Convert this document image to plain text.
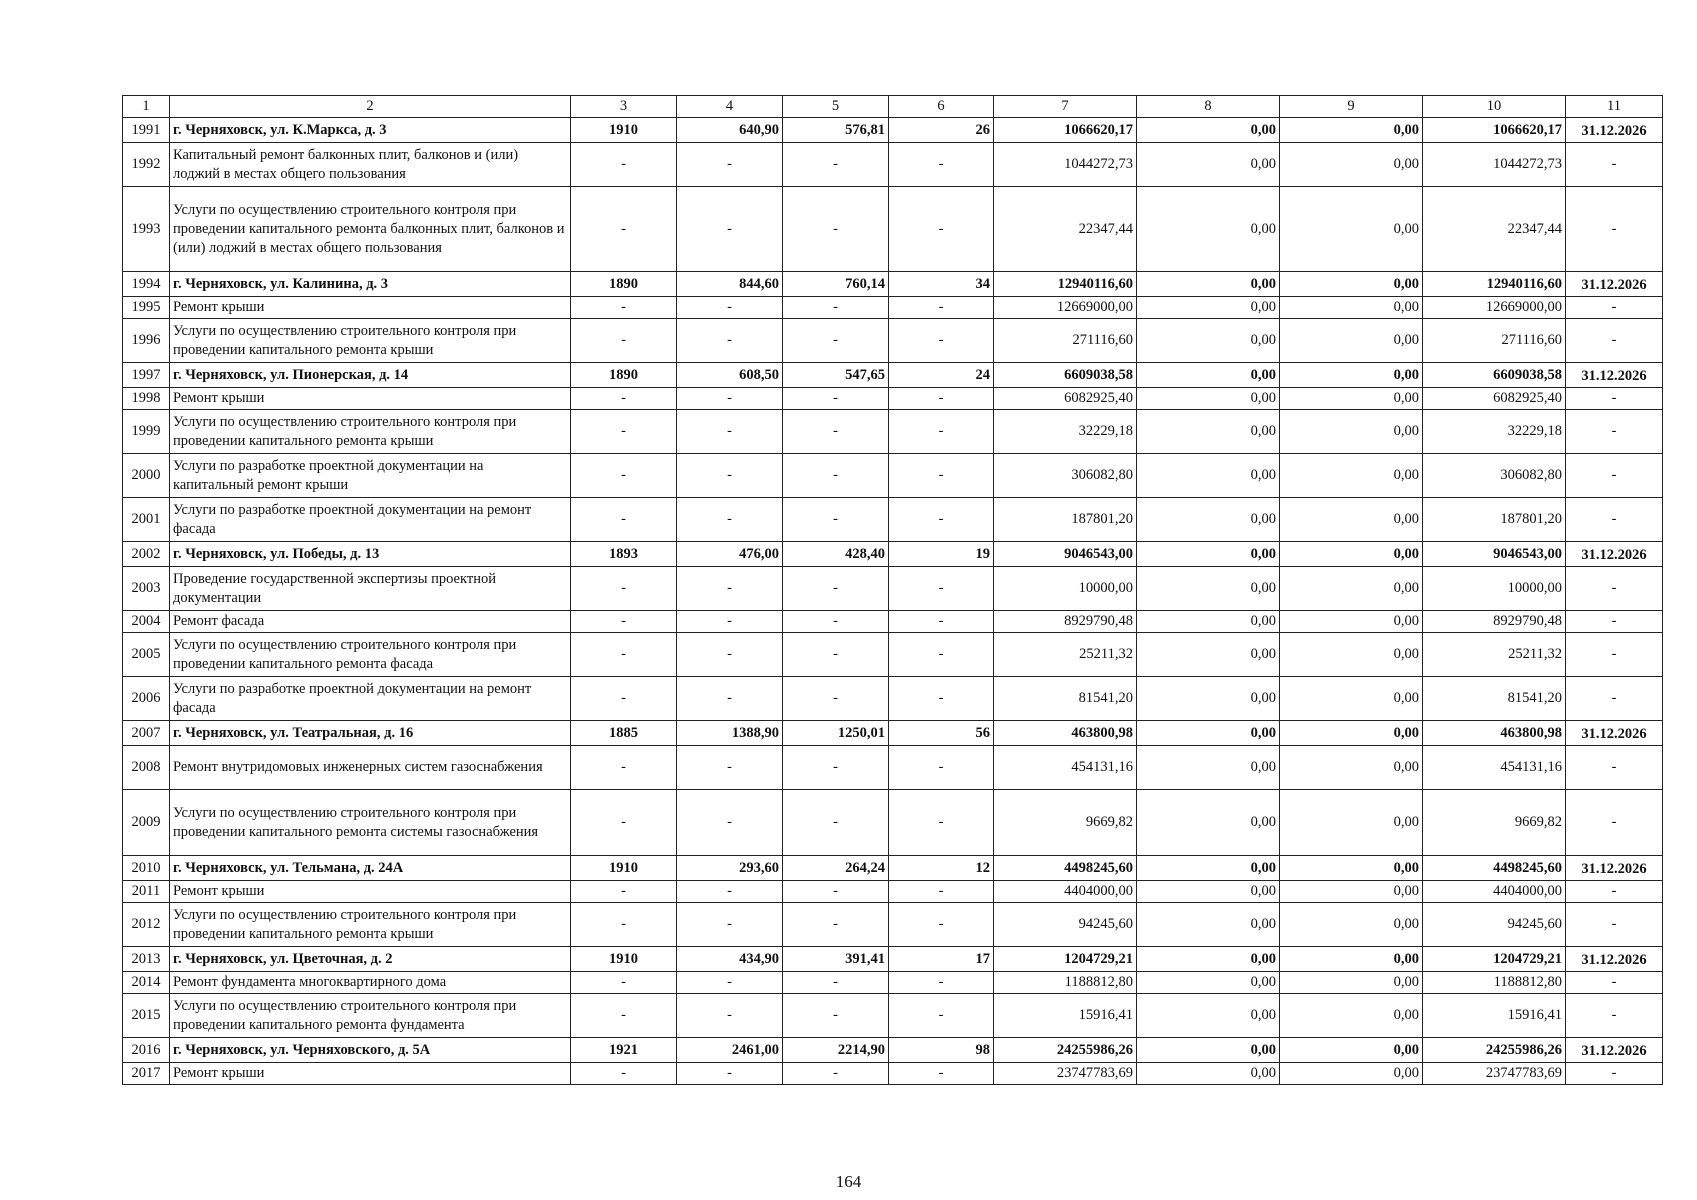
1	2	3	4	5	6	7	8	9	10	11
1991	г. Черняховск, ул. К.Маркса, д. 3	1910	640,90	576,81	26	1066620,17	0,00	0,00	1066620,17	31.12.2026
1992	Капитальный ремонт балконных плит, балконов и (или) лоджий в местах общего пользования	-	-	-	-	1044272,73	0,00	0,00	1044272,73	-
1993	Услуги по осуществлению строительного контроля при проведении капитального ремонта балконных плит, балконов и (или) лоджий в местах общего пользования	-	-	-	-	22347,44	0,00	0,00	22347,44	-
1994	г. Черняховск, ул. Калинина, д. 3	1890	844,60	760,14	34	12940116,60	0,00	0,00	12940116,60	31.12.2026
1995	Ремонт крыши	-	-	-	-	12669000,00	0,00	0,00	12669000,00	-
1996	Услуги по осуществлению строительного контроля при проведении капитального ремонта крыши	-	-	-	-	271116,60	0,00	0,00	271116,60	-
1997	г. Черняховск, ул. Пионерская, д. 14	1890	608,50	547,65	24	6609038,58	0,00	0,00	6609038,58	31.12.2026
1998	Ремонт крыши	-	-	-	-	6082925,40	0,00	0,00	6082925,40	-
1999	Услуги по осуществлению строительного контроля при проведении капитального ремонта крыши	-	-	-	-	32229,18	0,00	0,00	32229,18	-
2000	Услуги по разработке проектной документации на капитальный ремонт крыши	-	-	-	-	306082,80	0,00	0,00	306082,80	-
2001	Услуги по разработке проектной документации на ремонт фасада	-	-	-	-	187801,20	0,00	0,00	187801,20	-
2002	г. Черняховск, ул. Победы, д. 13	1893	476,00	428,40	19	9046543,00	0,00	0,00	9046543,00	31.12.2026
2003	Проведение государственной экспертизы проектной документации	-	-	-	-	10000,00	0,00	0,00	10000,00	-
2004	Ремонт фасада	-	-	-	-	8929790,48	0,00	0,00	8929790,48	-
2005	Услуги по осуществлению строительного контроля при проведении капитального ремонта фасада	-	-	-	-	25211,32	0,00	0,00	25211,32	-
2006	Услуги по разработке проектной документации на ремонт фасада	-	-	-	-	81541,20	0,00	0,00	81541,20	-
2007	г. Черняховск, ул. Театральная, д. 16	1885	1388,90	1250,01	56	463800,98	0,00	0,00	463800,98	31.12.2026
2008	Ремонт внутридомовых инженерных систем газоснабжения	-	-	-	-	454131,16	0,00	0,00	454131,16	-
2009	Услуги по осуществлению строительного контроля при проведении капитального ремонта системы газоснабжения	-	-	-	-	9669,82	0,00	0,00	9669,82	-
2010	г. Черняховск, ул. Тельмана, д. 24А	1910	293,60	264,24	12	4498245,60	0,00	0,00	4498245,60	31.12.2026
2011	Ремонт крыши	-	-	-	-	4404000,00	0,00	0,00	4404000,00	-
2012	Услуги по осуществлению строительного контроля при проведении капитального ремонта крыши	-	-	-	-	94245,60	0,00	0,00	94245,60	-
2013	г. Черняховск, ул. Цветочная, д. 2	1910	434,90	391,41	17	1204729,21	0,00	0,00	1204729,21	31.12.2026
2014	Ремонт фундамента многоквартирного дома	-	-	-	-	1188812,80	0,00	0,00	1188812,80	-
2015	Услуги по осуществлению строительного контроля при проведении капитального ремонта фундамента	-	-	-	-	15916,41	0,00	0,00	15916,41	-
2016	г. Черняховск, ул. Черняховского, д. 5А	1921	2461,00	2214,90	98	24255986,26	0,00	0,00	24255986,26	31.12.2026
2017	Ремонт крыши	-	-	-	-	23747783,69	0,00	0,00	23747783,69	-
164
